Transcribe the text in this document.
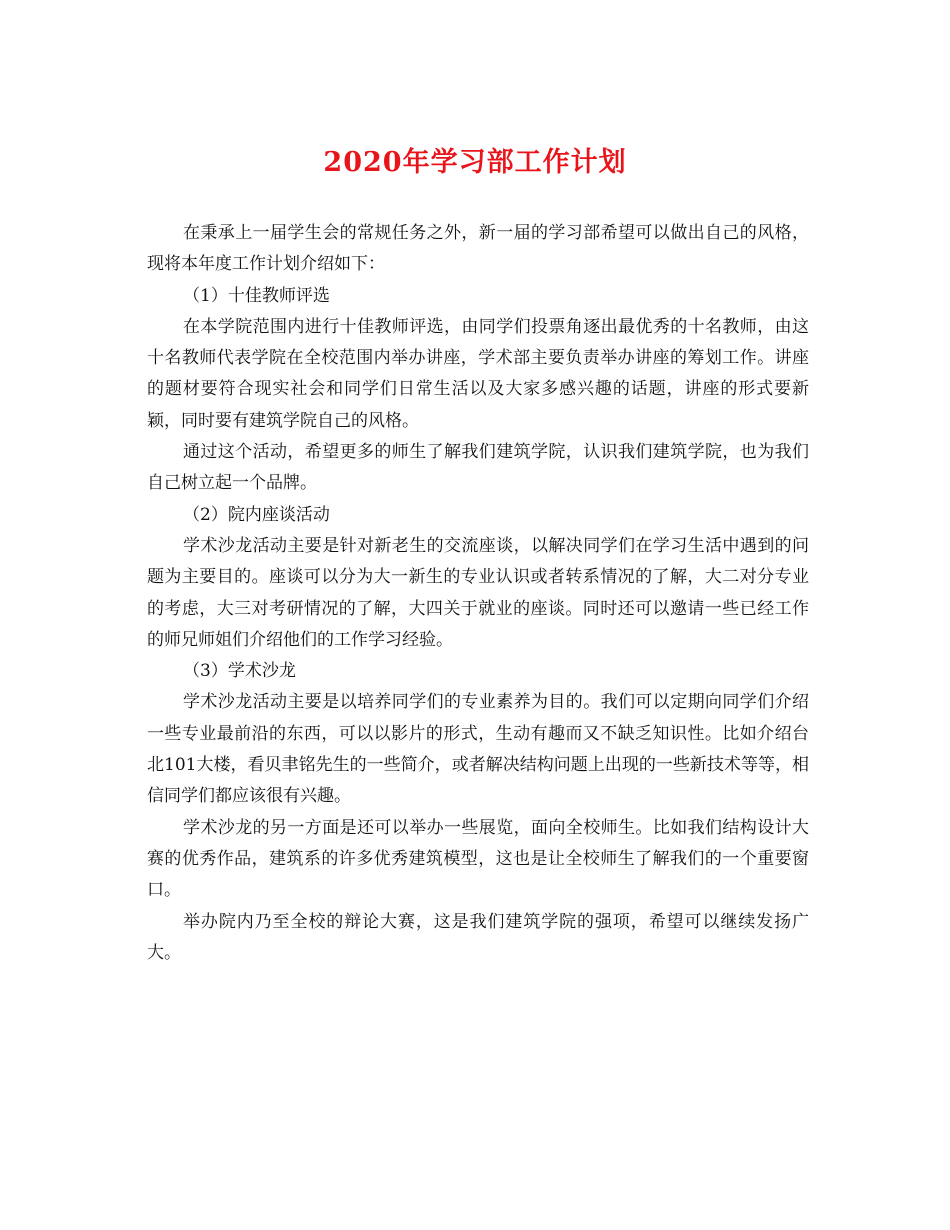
2020年学习部工作计划

在秉承上一届学生会的常规任务之外，新一届的学习部希望可以做出自己的风格，现将本年度工作计划介绍如下：

（1）十佳教师评选

在本学院范围内进行十佳教师评选，由同学们投票角逐出最优秀的十名教师，由这十名教师代表学院在全校范围内举办讲座，学术部主要负责举办讲座的筹划工作。讲座的题材要符合现实社会和同学们日常生活以及大家多感兴趣的话题，讲座的形式要新颖，同时要有建筑学院自己的风格。

通过这个活动，希望更多的师生了解我们建筑学院，认识我们建筑学院，也为我们自己树立起一个品牌。

（2）院内座谈活动

学术沙龙活动主要是针对新老生的交流座谈，以解决同学们在学习生活中遇到的问题为主要目的。座谈可以分为大一新生的专业认识或者转系情况的了解，大二对分专业的考虑，大三对考研情况的了解，大四关于就业的座谈。同时还可以邀请一些已经工作的师兄师姐们介绍他们的工作学习经验。

（3）学术沙龙

学术沙龙活动主要是以培养同学们的专业素养为目的。我们可以定期向同学们介绍一些专业最前沿的东西，可以以影片的形式，生动有趣而又不缺乏知识性。比如介绍台北101大楼，看贝聿铭先生的一些简介，或者解决结构问题上出现的一些新技术等等，相信同学们都应该很有兴趣。

学术沙龙的另一方面是还可以举办一些展览，面向全校师生。比如我们结构设计大赛的优秀作品，建筑系的许多优秀建筑模型，这也是让全校师生了解我们的一个重要窗口。

举办院内乃至全校的辩论大赛，这是我们建筑学院的强项，希望可以继续发扬广大。
